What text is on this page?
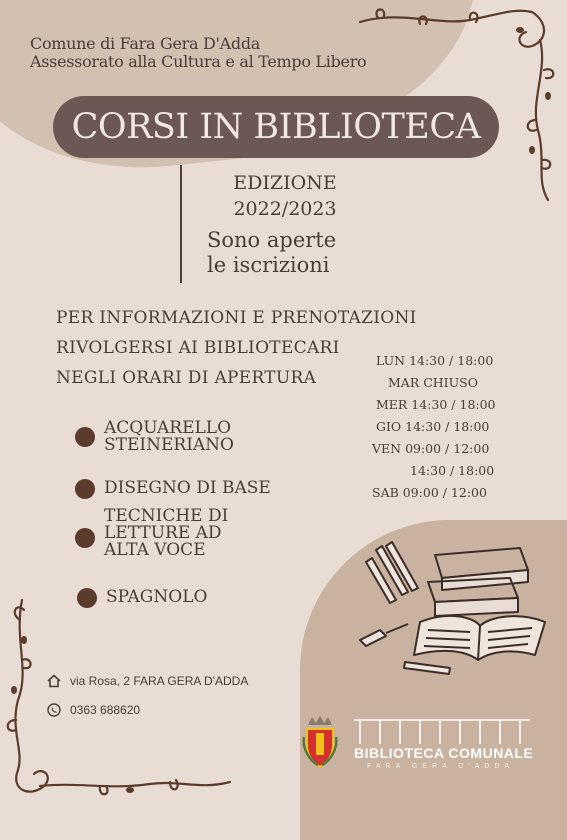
Comune di Fara Gera D'Adda
Assessorato alla Cultura e al Tempo Libero
CORSI IN BIBLIOTECA
EDIZIONE
2022/2023
Sono aperte
le iscrizioni
PER INFORMAZIONI E PRENOTAZIONI
RIVOLGERSI AI BIBLIOTECARI
NEGLI ORARI DI APERTURA
LUN 14:30 / 18:00
MAR CHIUSO
MER 14:30 / 18:00
GIO 14:30 / 18:00
VEN 09:00 / 12:00
14:30 / 18:00
SAB 09:00 / 12:00
ACQUARELLO
STEINERIANO
DISEGNO DI BASE
TECNICHE DI
LETTURE AD
ALTA VOCE
SPAGNOLO
via Rosa, 2 FARA GERA D'ADDA
0363 688620
BIBLIOTECA COMUNALE
FARA GERA D'ADDA
